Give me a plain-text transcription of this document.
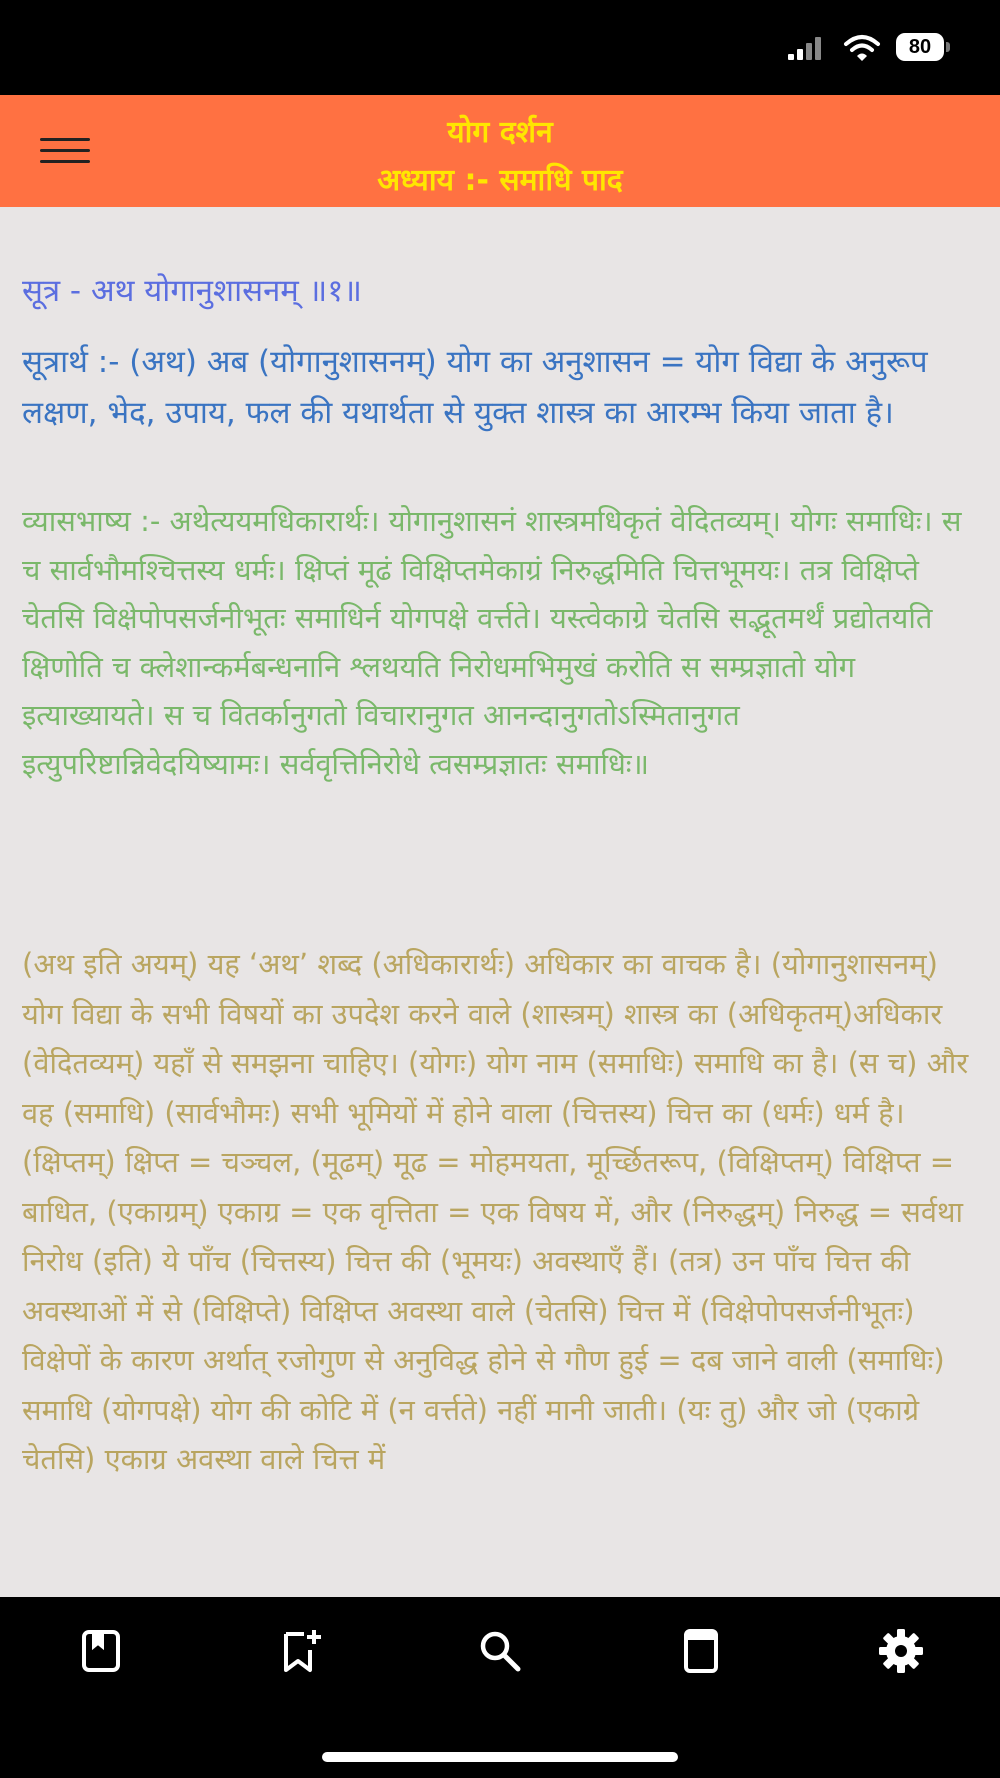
6:06	80
योग दर्शन
अध्याय :- समाधि पाद

सूत्र - अथ योगानुशासनम् ॥१॥

सूत्रार्थ :- (अथ) अब (योगानुशासनम्) योग का अनुशासन = योग विद्या के अनुरूप लक्षण, भेद, उपाय, फल की यथार्थता से युक्त शास्त्र का आरम्भ किया जाता है।

व्यासभाष्य :- अथेत्ययमधिकारार्थः। योगानुशासनं शास्त्रमधिकृतं वेदितव्यम्। योगः समाधिः। स च सार्वभौमश्चित्तस्य धर्मः। क्षिप्तं मूढं विक्षिप्तमेकाग्रं निरुद्धमिति चित्तभूमयः। तत्र विक्षिप्ते चेतसि विक्षेपोपसर्जनीभूतः समाधिर्न योगपक्षे वर्त्तते। यस्त्वेकाग्रे चेतसि सद्भूतमर्थं प्रद्योतयति क्षिणोति च क्लेशान्कर्मबन्धनानि श्लथयति निरोधमभिमुखं करोति स सम्प्रज्ञातो योग इत्याख्यायते। स च वितर्कानुगतो विचारानुगत आनन्दानुगतोऽस्मितानुगत इत्युपरिष्टान्निवेदयिष्यामः। सर्ववृत्तिनिरोधे त्वसम्प्रज्ञातः समाधिः॥

(अथ इति अयम्) यह ‘अथ’ शब्द (अधिकारार्थः) अधिकार का वाचक है। (योगानुशासनम्) योग विद्या के सभी विषयों का उपदेश करने वाले (शास्त्रम्) शास्त्र का (अधिकृतम्)अधिकार (वेदितव्यम्) यहाँ से समझना चाहिए। (योगः) योग नाम (समाधिः) समाधि का है। (स च) और वह (समाधि) (सार्वभौमः) सभी भूमियों में होने वाला (चित्तस्य) चित्त का (धर्मः) धर्म है। (क्षिप्तम्) क्षिप्त = चञ्चल, (मूढम्) मूढ = मोहमयता, मूर्च्छितरूप, (विक्षिप्तम्) विक्षिप्त = बाधित, (एकाग्रम्) एकाग्र = एक वृत्तिता = एक विषय में, और (निरुद्धम्) निरुद्ध = सर्वथा निरोध (इति) ये पाँच (चित्तस्य) चित्त की (भूमयः) अवस्थाएँ हैं। (तत्र) उन पाँच चित्त की अवस्थाओं में से (विक्षिप्ते) विक्षिप्त अवस्था वाले (चेतसि) चित्त में (विक्षेपोपसर्जनीभूतः) विक्षेपों के कारण अर्थात् रजोगुण से अनुविद्ध होने से गौण हुई = दब जाने वाली (समाधिः) समाधि (योगपक्षे) योग की कोटि में (न वर्त्तते) नहीं मानी जाती। (यः तु) और जो (एकाग्रे चेतसि) एकाग्र अवस्था वाले चित्त में
